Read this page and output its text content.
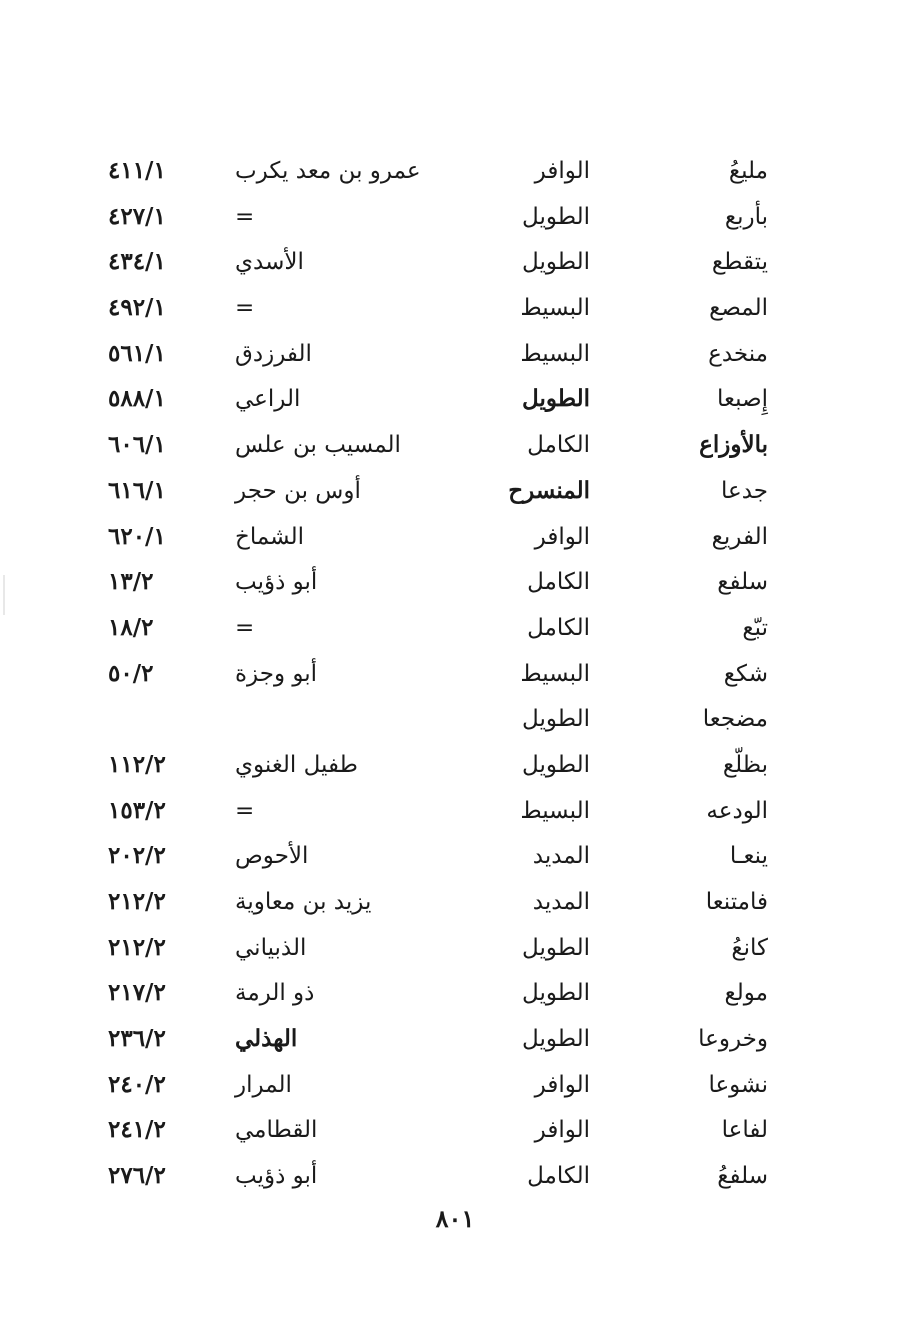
مليعُ
الوافر
عمرو بن معد يكرب
٤١١/١
بأربع
الطويل
=
٤٢٧/١
يتقطع
الطويل
الأسدي
٤٣٤/١
المصع
البسيط
=
٤٩٢/١
منخدع
البسيط
الفرزدق
٥٦١/١
إِصبعا
الطويل
الراعي
٥٨٨/١
بالأوزاع
الكامل
المسيب بن علس
٦٠٦/١
جدعا
المنسرح
أوس بن حجر
٦١٦/١
الفريع
الوافر
الشماخ
٦٢٠/١
سلفع
الكامل
أبو ذؤيب
١٣/٢
تبّع
الكامل
=
١٨/٢
شكع
البسيط
أبو وجزة
٥٠/٢
مضجعا
الطويل
بظلّع
الطويل
طفيل الغنوي
١١٢/٢
الودعه
البسيط
=
١٥٣/٢
ينعـا
المديد
الأحوص
٢٠٢/٢
فامتنعا
المديد
يزيد بن معاوية
٢١٢/٢
كانعُ
الطويل
الذبياني
٢١٢/٢
مولع
الطويل
ذو الرمة
٢١٧/٢
وخروعا
الطويل
الهذلي
٢٣٦/٢
نشوعا
الوافر
المرار
٢٤٠/٢
لفاعا
الوافر
القطامي
٢٤١/٢
سلفعُ
الكامل
أبو ذؤيب
٢٧٦/٢
٨٠١
